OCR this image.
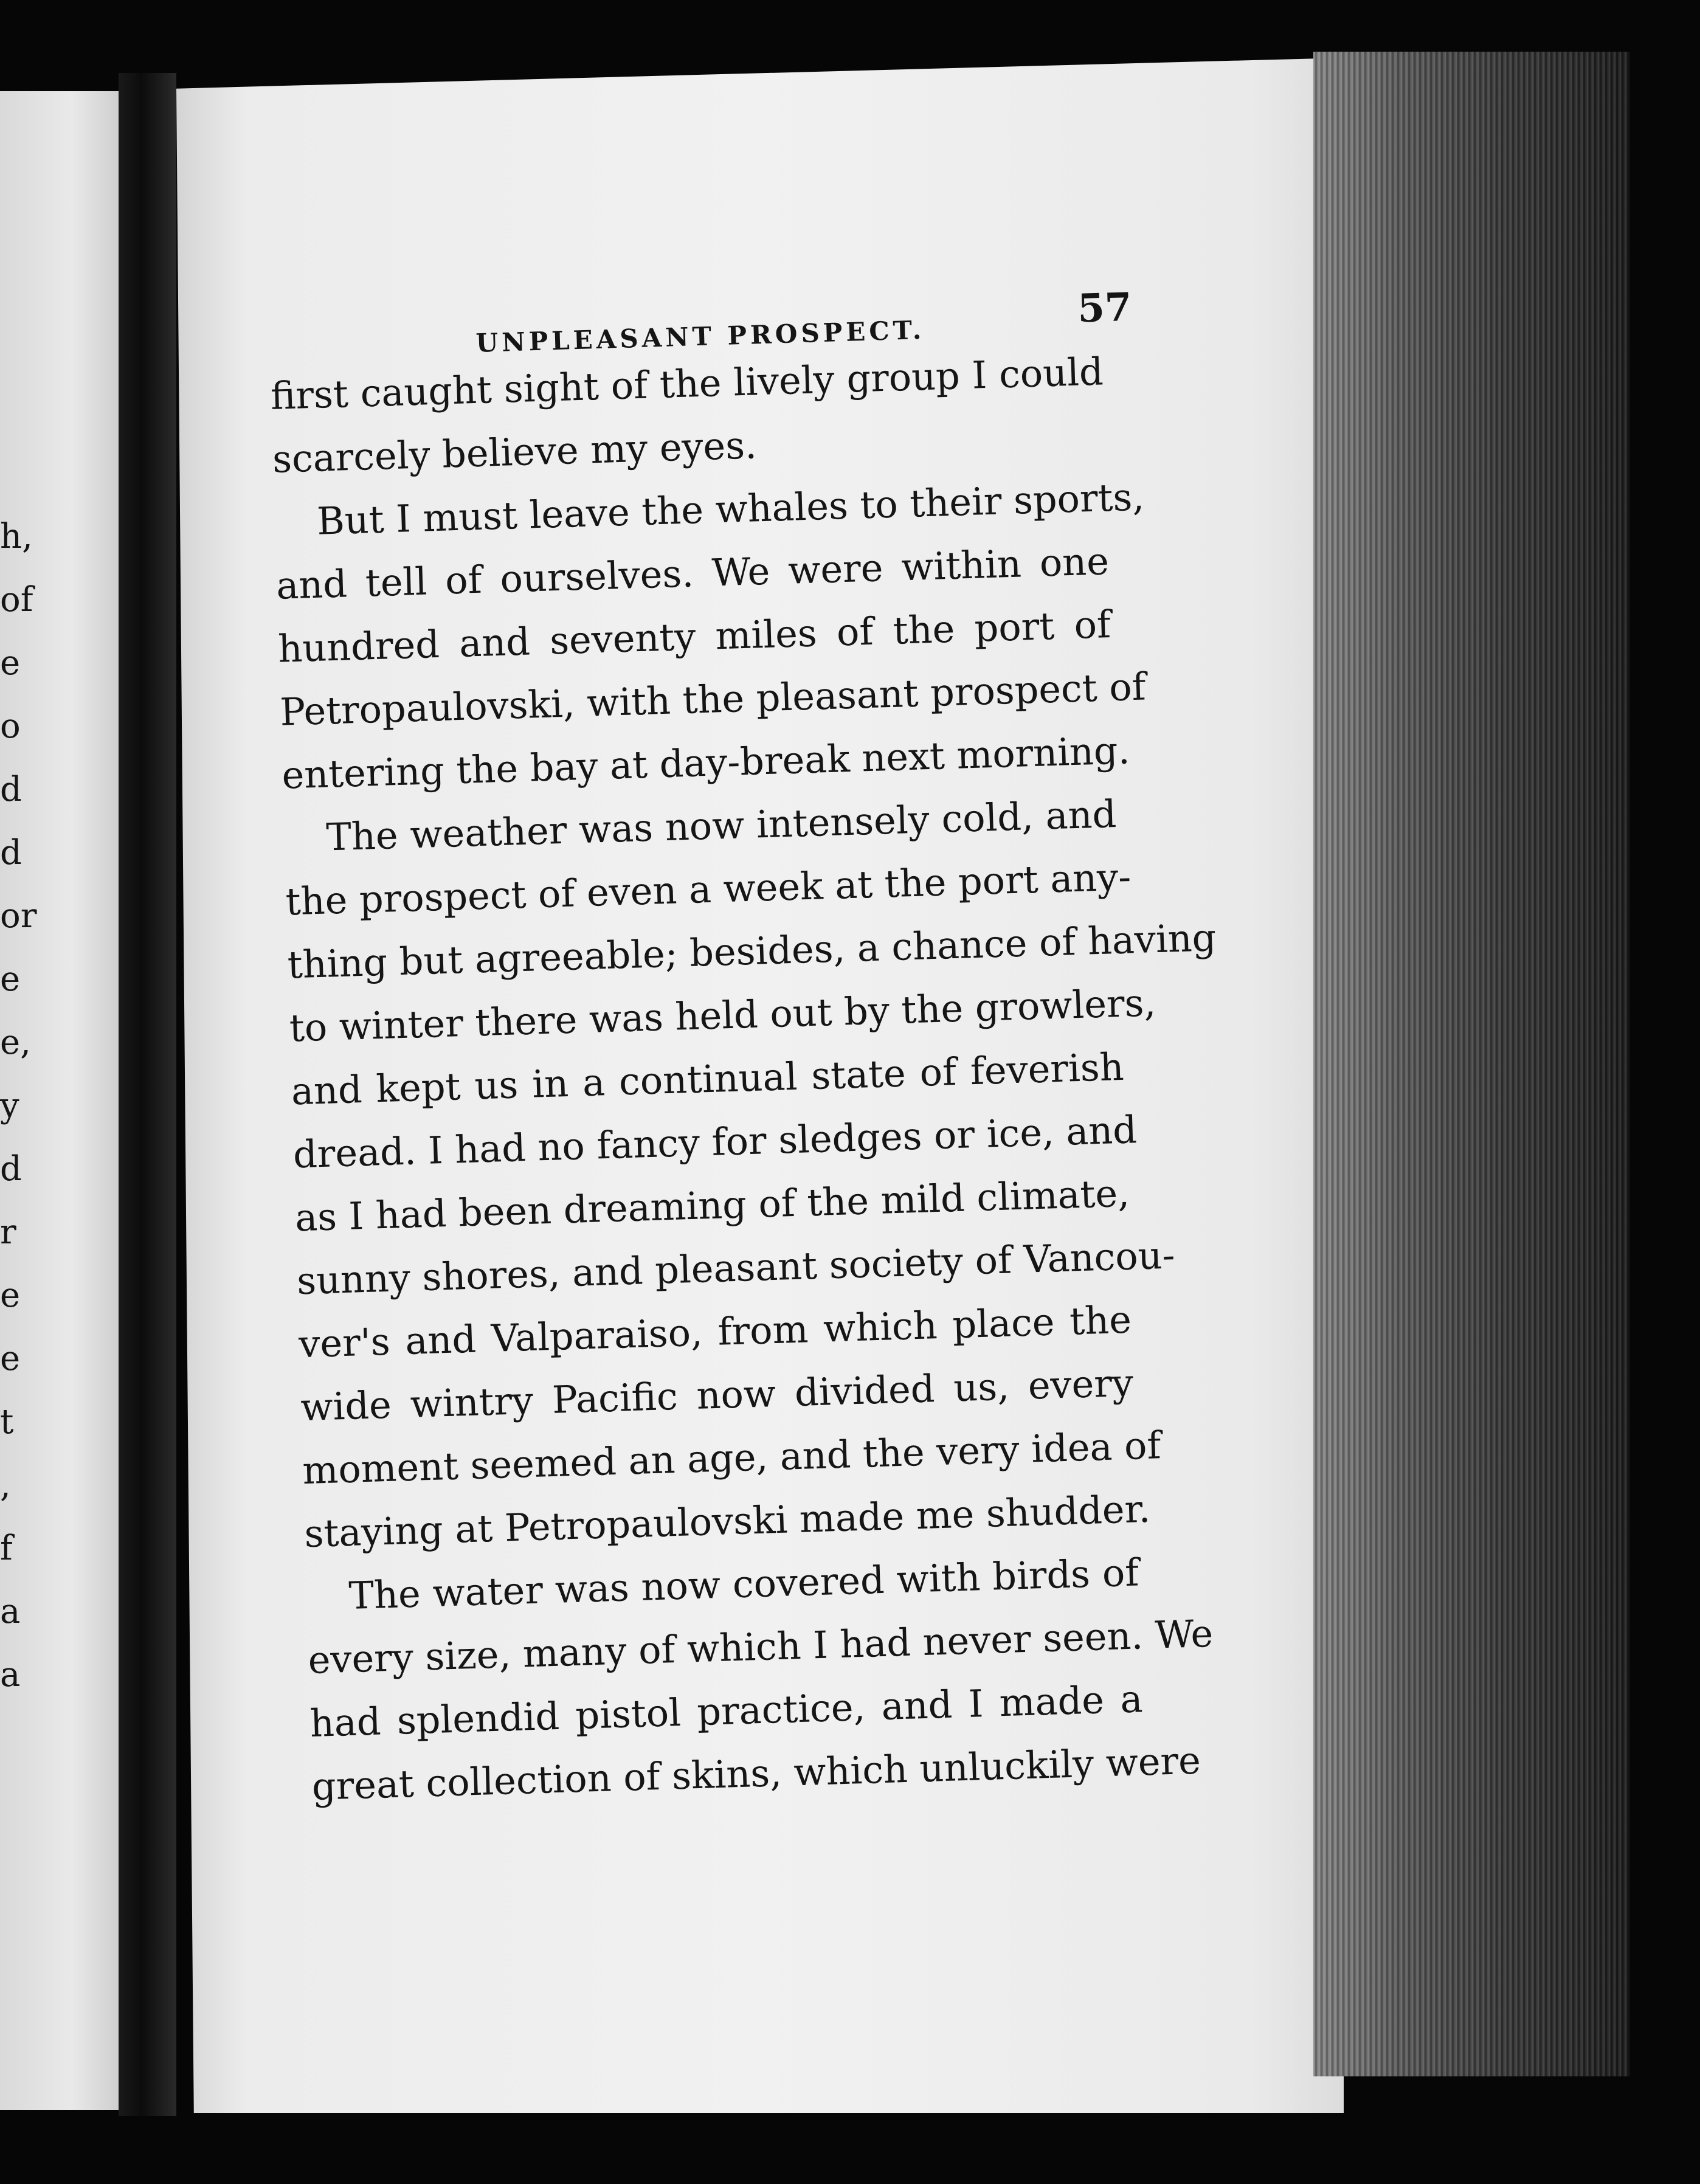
h,
of
e
o
d
d
or
e
e,
y
d
r
e
e
t
,
f
a
a
UNPLEASANT PROSPECT.
57
first caught sight of the lively group I could
scarcely believe my eyes.
But I must leave the whales to their sports,
and tell of ourselves. We were within one
hundred and seventy miles of the port of
Petropaulovski, with the pleasant prospect of
entering the bay at day-break next morning.
The weather was now intensely cold, and
the prospect of even a week at the port any-
thing but agreeable; besides, a chance of having
to winter there was held out by the growlers,
and kept us in a continual state of feverish
dread. I had no fancy for sledges or ice, and
as I had been dreaming of the mild climate,
sunny shores, and pleasant society of Vancou-
ver's and Valparaiso, from which place the
wide wintry Pacific now divided us, every
moment seemed an age, and the very idea of
staying at Petropaulovski made me shudder.
The water was now covered with birds of
every size, many of which I had never seen. We
had splendid pistol practice, and I made a
great collection of skins, which unluckily were
